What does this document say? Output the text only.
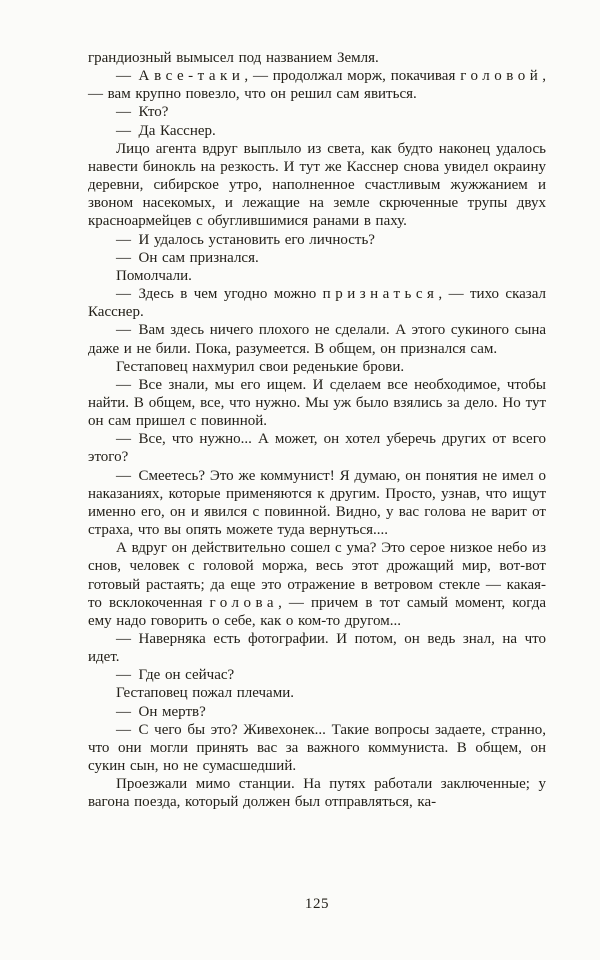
грандиозный вымысел под названием Земля.

— А все-таки, — продолжал морж, покачивая головой, — вам крупно повезло, что он решил сам явиться.

— Кто?

— Да Касснер.

Лицо агента вдруг выплыло из света, как будто наконец удалось навести бинокль на резкость. И тут же Касснер снова увидел окраину деревни, сибирское утро, наполненное счастливым жужжанием и звоном насекомых, и лежащие на земле скрюченные трупы двух красноармейцев с обуглившимися ранами в паху.

— И удалось установить его личность?

— Он сам признался.

Помолчали.

— Здесь в чем угодно можно признаться, — тихо сказал Касснер.

— Вам здесь ничего плохого не сделали. А этого сукиного сына даже и не били. Пока, разумеется. В общем, он признался сам.

Гестаповец нахмурил свои реденькие брови.

— Все знали, мы его ищем. И сделаем все необходимое, чтобы найти. В общем, все, что нужно. Мы уж было взялись за дело. Но тут он сам пришел с повинной.

— Все, что нужно... А может, он хотел уберечь других от всего этого?

— Смеетесь? Это же коммунист! Я думаю, он понятия не имел о наказаниях, которые применяются к другим. Просто, узнав, что ищут именно его, он и явился с повинной. Видно, у вас голова не варит от страха, что вы опять можете туда вернуться....

А вдруг он действительно сошел с ума? Это серое низкое небо из снов, человек с головой моржа, весь этот дрожащий мир, вот-вот готовый растаять; да еще это отражение в ветровом стекле — какая-то всклокоченная голова, — причем в тот самый момент, когда ему надо говорить о себе, как о ком-то другом...

— Наверняка есть фотографии. И потом, он ведь знал, на что идет.

— Где он сейчас?

Гестаповец пожал плечами.

— Он мертв?

— С чего бы это? Живехонек... Такие вопросы задаете, странно, что они могли принять вас за важного коммуниста. В общем, он сукин сын, но не сумасшедший.

Проезжали мимо станции. На путях работали заключенные; у вагона поезда, который должен был отправляться, ка-

125
